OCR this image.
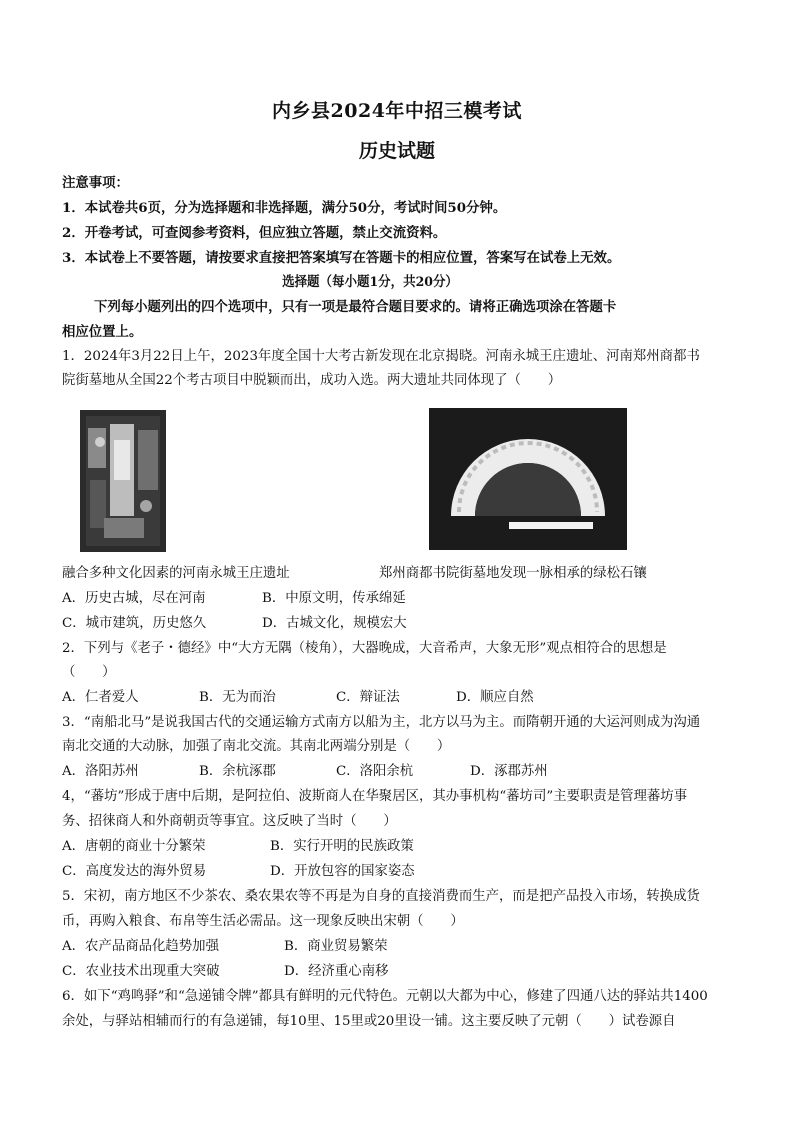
内乡县2024年中招三模考试
历史试题
注意事项：
1．本试卷共6页，分为选择题和非选择题，满分50分，考试时间50分钟。
2．开卷考试，可查阅参考资料，但应独立答题，禁止交流资料。
3．本试卷上不要答题，请按要求直接把答案填写在答题卡的相应位置，答案写在试卷上无效。
选择题（每小题1分，共20分）
下列每小题列出的四个选项中，只有一项是最符合题目要求的。请将正确选项涂在答题卡
相应位置上。
1．2024年3月22日上午，2023年度全国十大考古新发现在北京揭晓。河南永城王庄遗址、河南郑州商都书
院街墓地从全国22个考古项目中脱颖而出，成功入选。两大遗址共同体现了（　　）
融合多种文化因素的河南永城王庄遗址	郑州商都书院街墓地发现一脉相承的绿松石镶
A．历史古城，尽在河南	B．中原文明，传承绵延
C．城市建筑，历史悠久	D．古城文化，规模宏大
2．下列与《老子・德经》中“大方无隅（棱角），大器晚成，大音希声，大象无形”观点相符合的思想是
（　　）
A．仁者爱人	B．无为而治	C．辩证法	D．顺应自然
3．“南船北马”是说我国古代的交通运输方式南方以船为主，北方以马为主。而隋朝开通的大运河则成为沟通
南北交通的大动脉，加强了南北交流。其南北两端分别是（　　）
A．洛阳苏州	B．余杭涿郡	C．洛阳余杭	D．涿郡苏州
4，“蕃坊”形成于唐中后期，是阿拉伯、波斯商人在华聚居区，其办事机构“蕃坊司”主要职责是管理蕃坊事
务、招徕商人和外商朝贡等事宜。这反映了当时（　　）
A．唐朝的商业十分繁荣	B．实行开明的民族政策
C．高度发达的海外贸易	D．开放包容的国家姿态
5．宋初，南方地区不少茶农、桑农果农等不再是为自身的直接消费而生产，而是把产品投入市场，转换成货
币，再购入粮食、布帛等生活必需品。这一现象反映出宋朝（　　）
A．农产品商品化趋势加强	B．商业贸易繁荣
C．农业技术出现重大突破	D．经济重心南移
6．如下“鸡鸣驿”和“急递铺令牌”都具有鲜明的元代特色。元朝以大都为中心，修建了四通八达的驿站共1400
余处，与驿站相辅而行的有急递铺，每10里、15里或20里设一铺。这主要反映了元朝（　　）试卷源自
